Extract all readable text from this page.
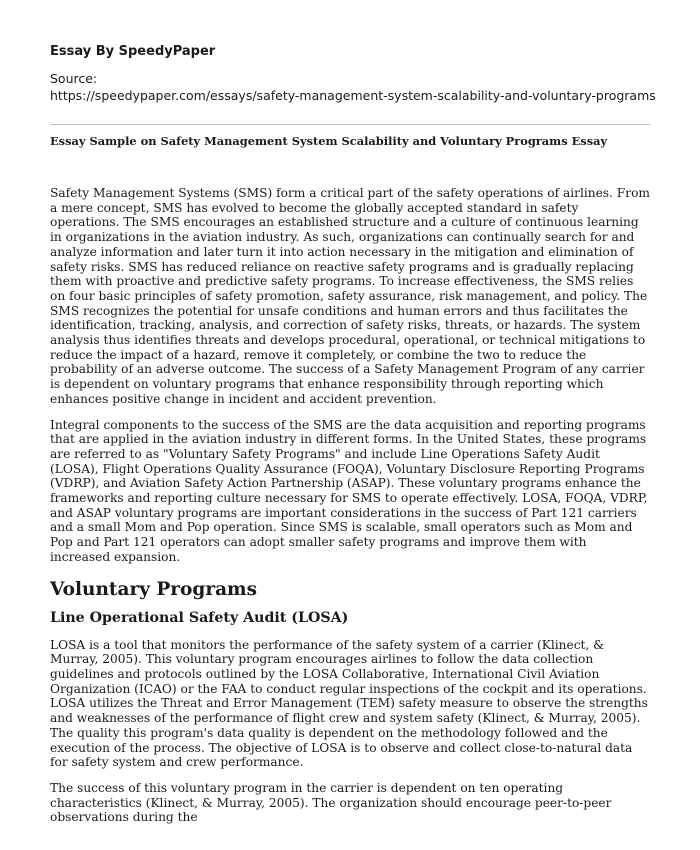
Essay By SpeedyPaper
Source:
https://speedypaper.com/essays/safety-management-system-scalability-and-voluntary-programs
Essay Sample on Safety Management System Scalability and Voluntary Programs Essay

Safety Management Systems (SMS) form a critical part of the safety operations of airlines. From a mere concept, SMS has evolved to become the globally accepted standard in safety operations. The SMS encourages an established structure and a culture of continuous learning in organizations in the aviation industry. As such, organizations can continually search for and analyze information and later turn it into action necessary in the mitigation and elimination of safety risks. SMS has reduced reliance on reactive safety programs and is gradually replacing them with proactive and predictive safety programs. To increase effectiveness, the SMS relies on four basic principles of safety promotion, safety assurance, risk management, and policy. The SMS recognizes the potential for unsafe conditions and human errors and thus facilitates the identification, tracking, analysis, and correction of safety risks, threats, or hazards. The system analysis thus identifies threats and develops procedural, operational, or technical mitigations to reduce the impact of a hazard, remove it completely, or combine the two to reduce the probability of an adverse outcome. The success of a Safety Management Program of any carrier is dependent on voluntary programs that enhance responsibility through reporting which enhances positive change in incident and accident prevention.

Integral components to the success of the SMS are the data acquisition and reporting programs that are applied in the aviation industry in different forms. In the United States, these programs are referred to as "Voluntary Safety Programs" and include Line Operations Safety Audit (LOSA), Flight Operations Quality Assurance (FOQA), Voluntary Disclosure Reporting Programs (VDRP), and Aviation Safety Action Partnership (ASAP). These voluntary programs enhance the frameworks and reporting culture necessary for SMS to operate effectively. LOSA, FOQA, VDRP, and ASAP voluntary programs are important considerations in the success of Part 121 carriers and a small Mom and Pop operation. Since SMS is scalable, small operators such as Mom and Pop and Part 121 operators can adopt smaller safety programs and improve them with increased expansion.

Voluntary Programs
Line Operational Safety Audit (LOSA)

LOSA is a tool that monitors the performance of the safety system of a carrier (Klinect, & Murray, 2005). This voluntary program encourages airlines to follow the data collection guidelines and protocols outlined by the LOSA Collaborative, International Civil Aviation Organization (ICAO) or the FAA to conduct regular inspections of the cockpit and its operations. LOSA utilizes the Threat and Error Management (TEM) safety measure to observe the strengths and weaknesses of the performance of flight crew and system safety (Klinect, & Murray, 2005). The quality this program's data quality is dependent on the methodology followed and the execution of the process. The objective of LOSA is to observe and collect close-to-natural data for safety system and crew performance.

The success of this voluntary program in the carrier is dependent on ten operating characteristics (Klinect, & Murray, 2005). The organization should encourage peer-to-peer observations during the
